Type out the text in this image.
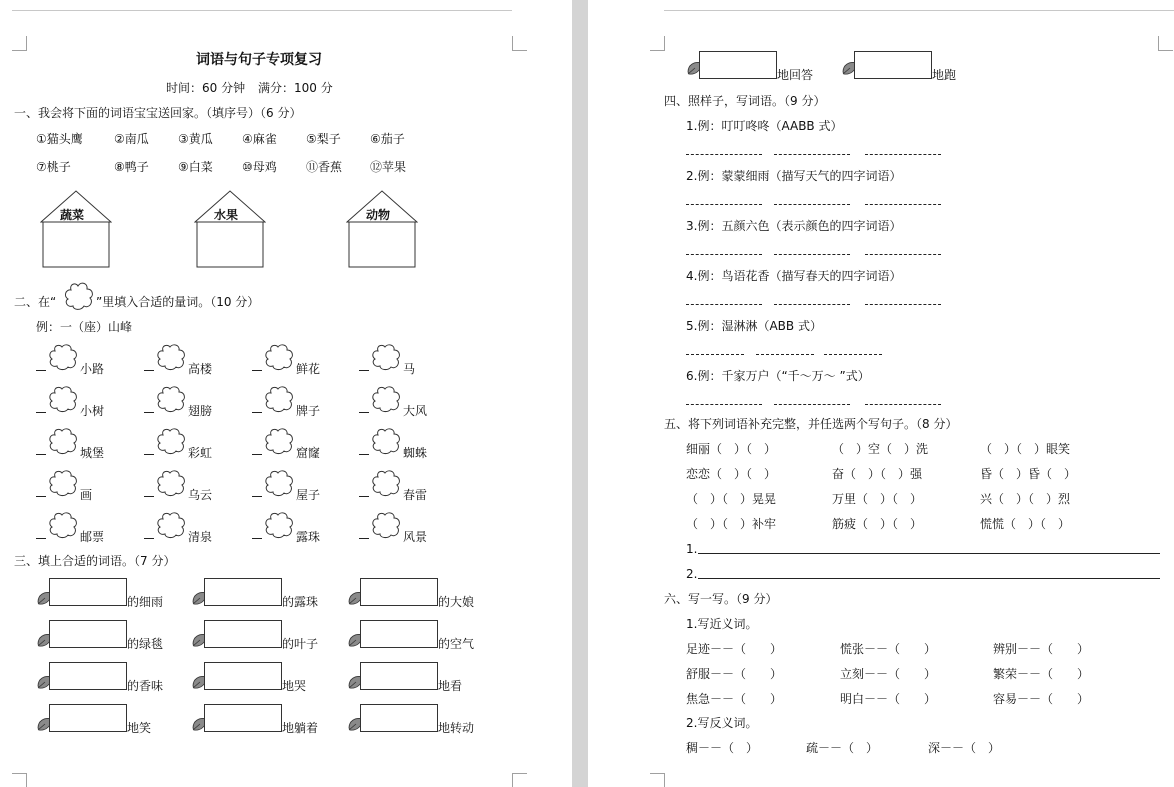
词语与句子专项复习
时间：60 分钟 满分：100 分
一、我会将下面的词语宝宝送回家。（填序号）（6 分）
①猫头鹰	②南瓜 ③黄瓜 ④麻雀 ⑤梨子 ⑥茄子
⑦桃子	⑧鸭子 ⑨白菜 ⑩母鸡 ⑪香蕉 ⑫苹果
蔬菜	水果	动物
二、在“	”里填入合适的量词。（10 分）
例：一（座）山峰
小路	高楼	鲜花	马
小树	翅膀	牌子	大风
城堡	彩虹	窟窿	蜘蛛
画	乌云	屋子	春雷
邮票	清泉	露珠	风景
三、填上合适的词语。（7 分）
的细雨	的露珠	的大娘
的绿毯	的叶子	的空气
的香味	地哭	地看
地笑	地躺着	地转动
地回答	地跑
四、照样子，写词语。（9 分）
1.例：叮叮咚咚（AABB 式）
2.例：蒙蒙细雨（描写天气的四字词语）
3.例：五颜六色（表示颜色的四字词语）
4.例：鸟语花香（描写春天的四字词语）
5.例：湿淋淋（ABB 式）
6.例：千家万户（“千～万～ ”式）
五、将下列词语补充完整，并任选两个写句子。（8 分）
细丽（　）（　）	（　）空（　）洗	（　）（　）眼笑
恋恋（　）（　）	奋（　）（　）强	昏（　）昏（　）
（　）（　）晃晃	万里（　）（　）	兴（　）（　）烈
（　）（　）补牢	筋疲（　）（　）	慌慌（　）（　）
1.
2.
六、写一写。（9 分）
1.写近义词。
足迹－－（　　）	慌张－－（　　）	辨别－－（　　）
舒服－－（　　）	立刻－－（　　）	繁荣－－（　　）
焦急－－（　　）	明白－－（　　）	容易－－（　　）
2.写反义词。
稠－－（　）	疏－－（　）	深－－（　）
